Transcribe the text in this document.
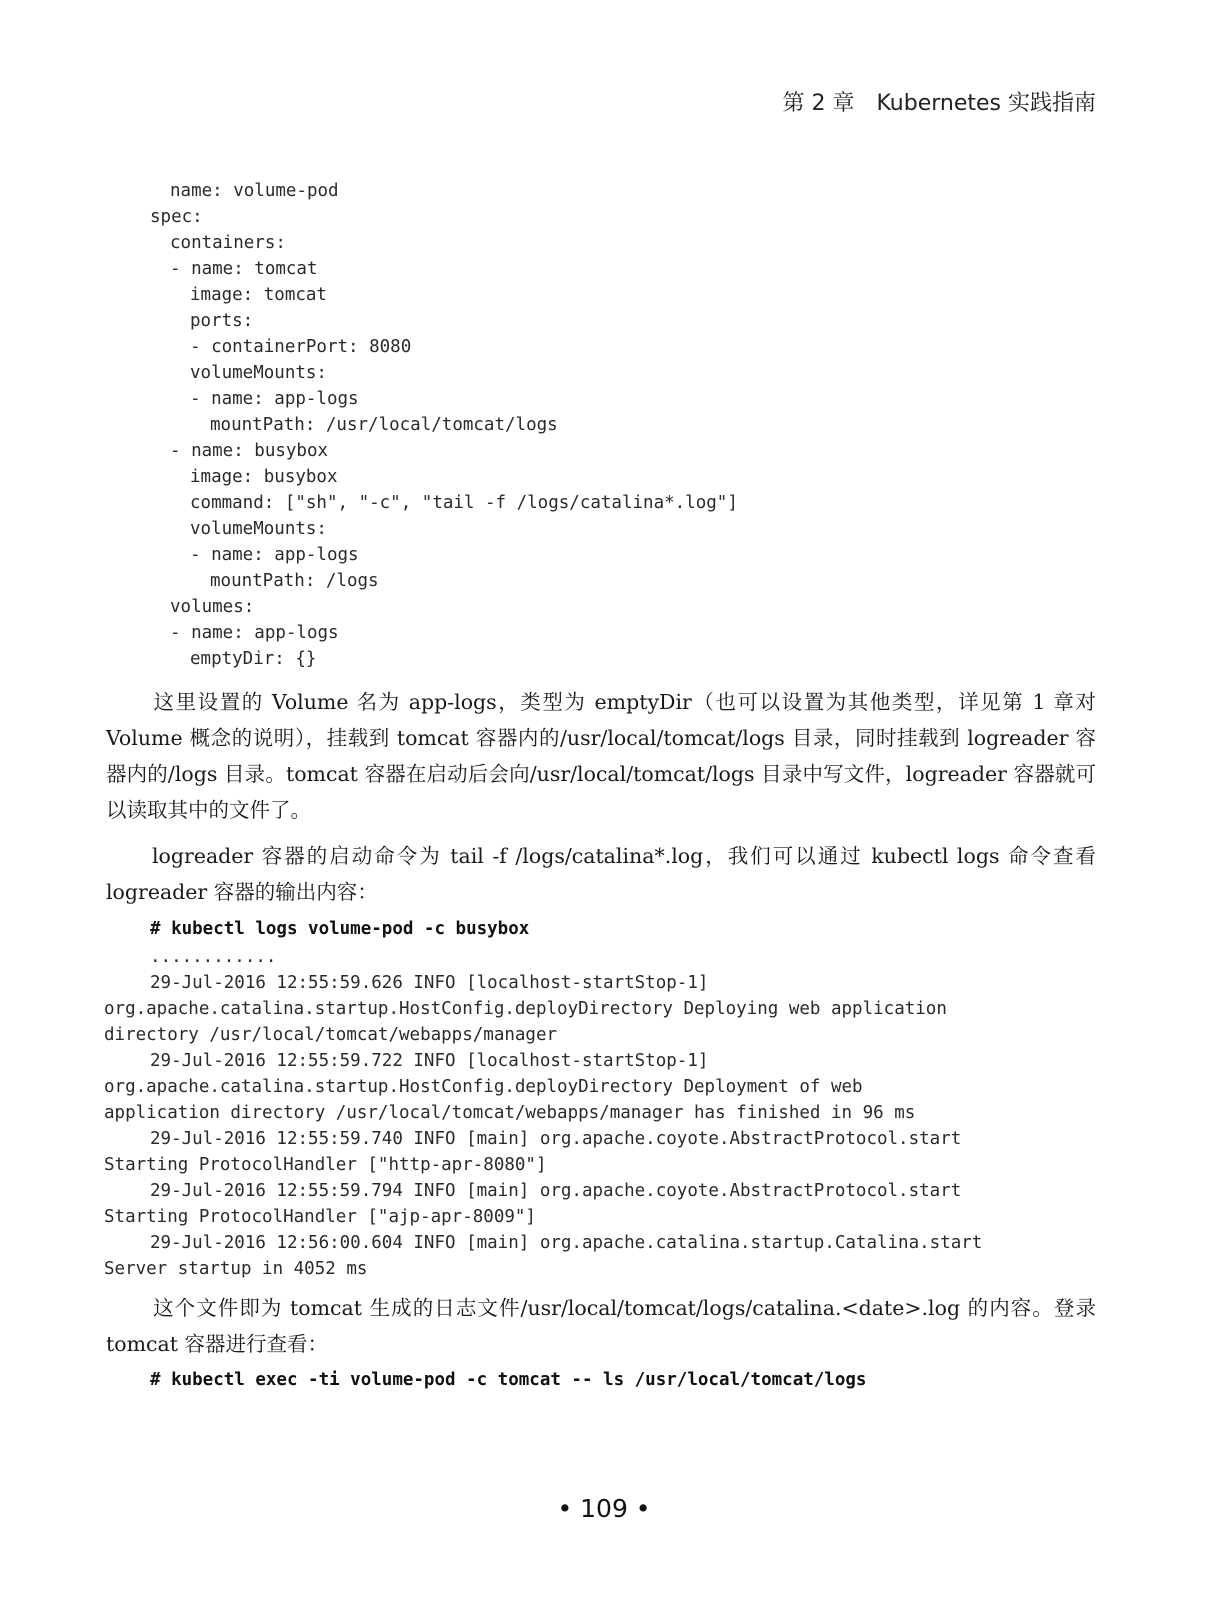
第 2 章　Kubernetes 实践指南
name: volume-pod
spec:
containers:
- name: tomcat
image: tomcat
ports:
- containerPort: 8080
volumeMounts:
- name: app-logs
mountPath: /usr/local/tomcat/logs
- name: busybox
image: busybox
command: ["sh", "-c", "tail -f /logs/catalina*.log"]
volumeMounts:
- name: app-logs
mountPath: /logs
volumes:
- name: app-logs
emptyDir: {}

这里设置的 Volume 名为 app-logs，类型为 emptyDir（也可以设置为其他类型，详见第 1 章对 Volume 概念的说明），挂载到 tomcat 容器内的/usr/local/tomcat/logs 目录，同时挂载到 logreader 容器内的/logs 目录。tomcat 容器在启动后会向/usr/local/tomcat/logs 目录中写文件，logreader 容器就可以读取其中的文件了。

logreader 容器的启动命令为 tail -f /logs/catalina*.log，我们可以通过 kubectl logs 命令查看 logreader 容器的输出内容：

# kubectl logs volume-pod -c busybox
............
29-Jul-2016 12:55:59.626 INFO [localhost-startStop-1]
org.apache.catalina.startup.HostConfig.deployDirectory Deploying web application
directory /usr/local/tomcat/webapps/manager
29-Jul-2016 12:55:59.722 INFO [localhost-startStop-1]
org.apache.catalina.startup.HostConfig.deployDirectory Deployment of web
application directory /usr/local/tomcat/webapps/manager has finished in 96 ms
29-Jul-2016 12:55:59.740 INFO [main] org.apache.coyote.AbstractProtocol.start
Starting ProtocolHandler ["http-apr-8080"]
29-Jul-2016 12:55:59.794 INFO [main] org.apache.coyote.AbstractProtocol.start
Starting ProtocolHandler ["ajp-apr-8009"]
29-Jul-2016 12:56:00.604 INFO [main] org.apache.catalina.startup.Catalina.start
Server startup in 4052 ms

这个文件即为 tomcat 生成的日志文件/usr/local/tomcat/logs/catalina.<date>.log 的内容。登录 tomcat 容器进行查看：

# kubectl exec -ti volume-pod -c tomcat -- ls /usr/local/tomcat/logs
• 109 •
